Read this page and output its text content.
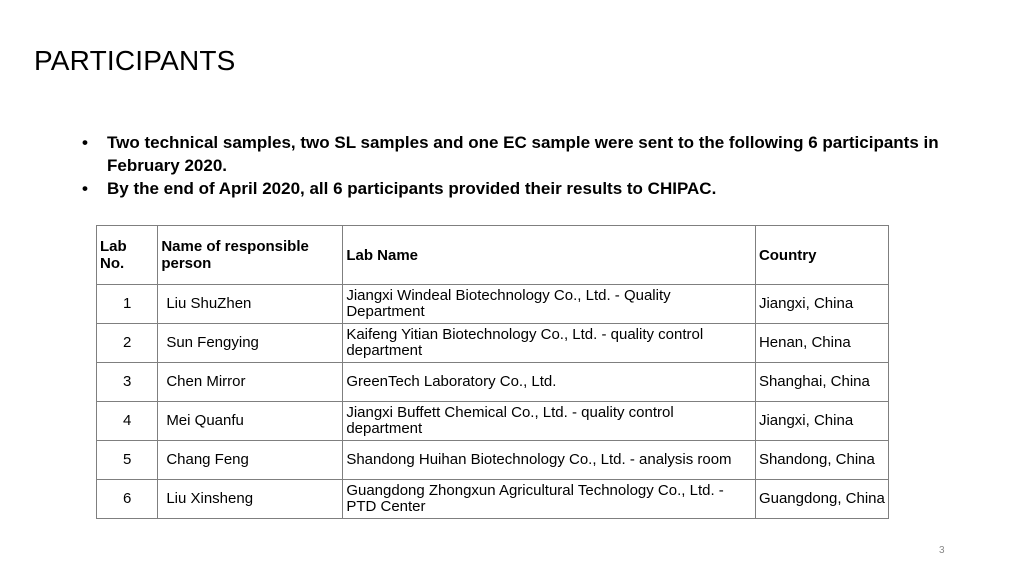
PARTICIPANTS
• Two technical samples, two SL samples and one EC sample were sent to the following 6 participants in February 2020.
• By the end of April 2020, all 6 participants provided their results to CHIPAC.
Lab No.	Name of responsible person	Lab Name	Country
1	Liu ShuZhen	Jiangxi Windeal Biotechnology Co., Ltd. - Quality Department	Jiangxi, China
2	Sun Fengying	Kaifeng Yitian Biotechnology Co., Ltd. - quality control department	Henan, China
3	Chen Mirror	GreenTech Laboratory Co., Ltd.	Shanghai, China
4	Mei Quanfu	Jiangxi Buffett Chemical Co., Ltd. - quality control department	Jiangxi, China
5	Chang Feng	Shandong Huihan Biotechnology Co., Ltd. - analysis room	Shandong, China
6	Liu Xinsheng	Guangdong Zhongxun Agricultural Technology Co., Ltd. - PTD Center	Guangdong, China
3
